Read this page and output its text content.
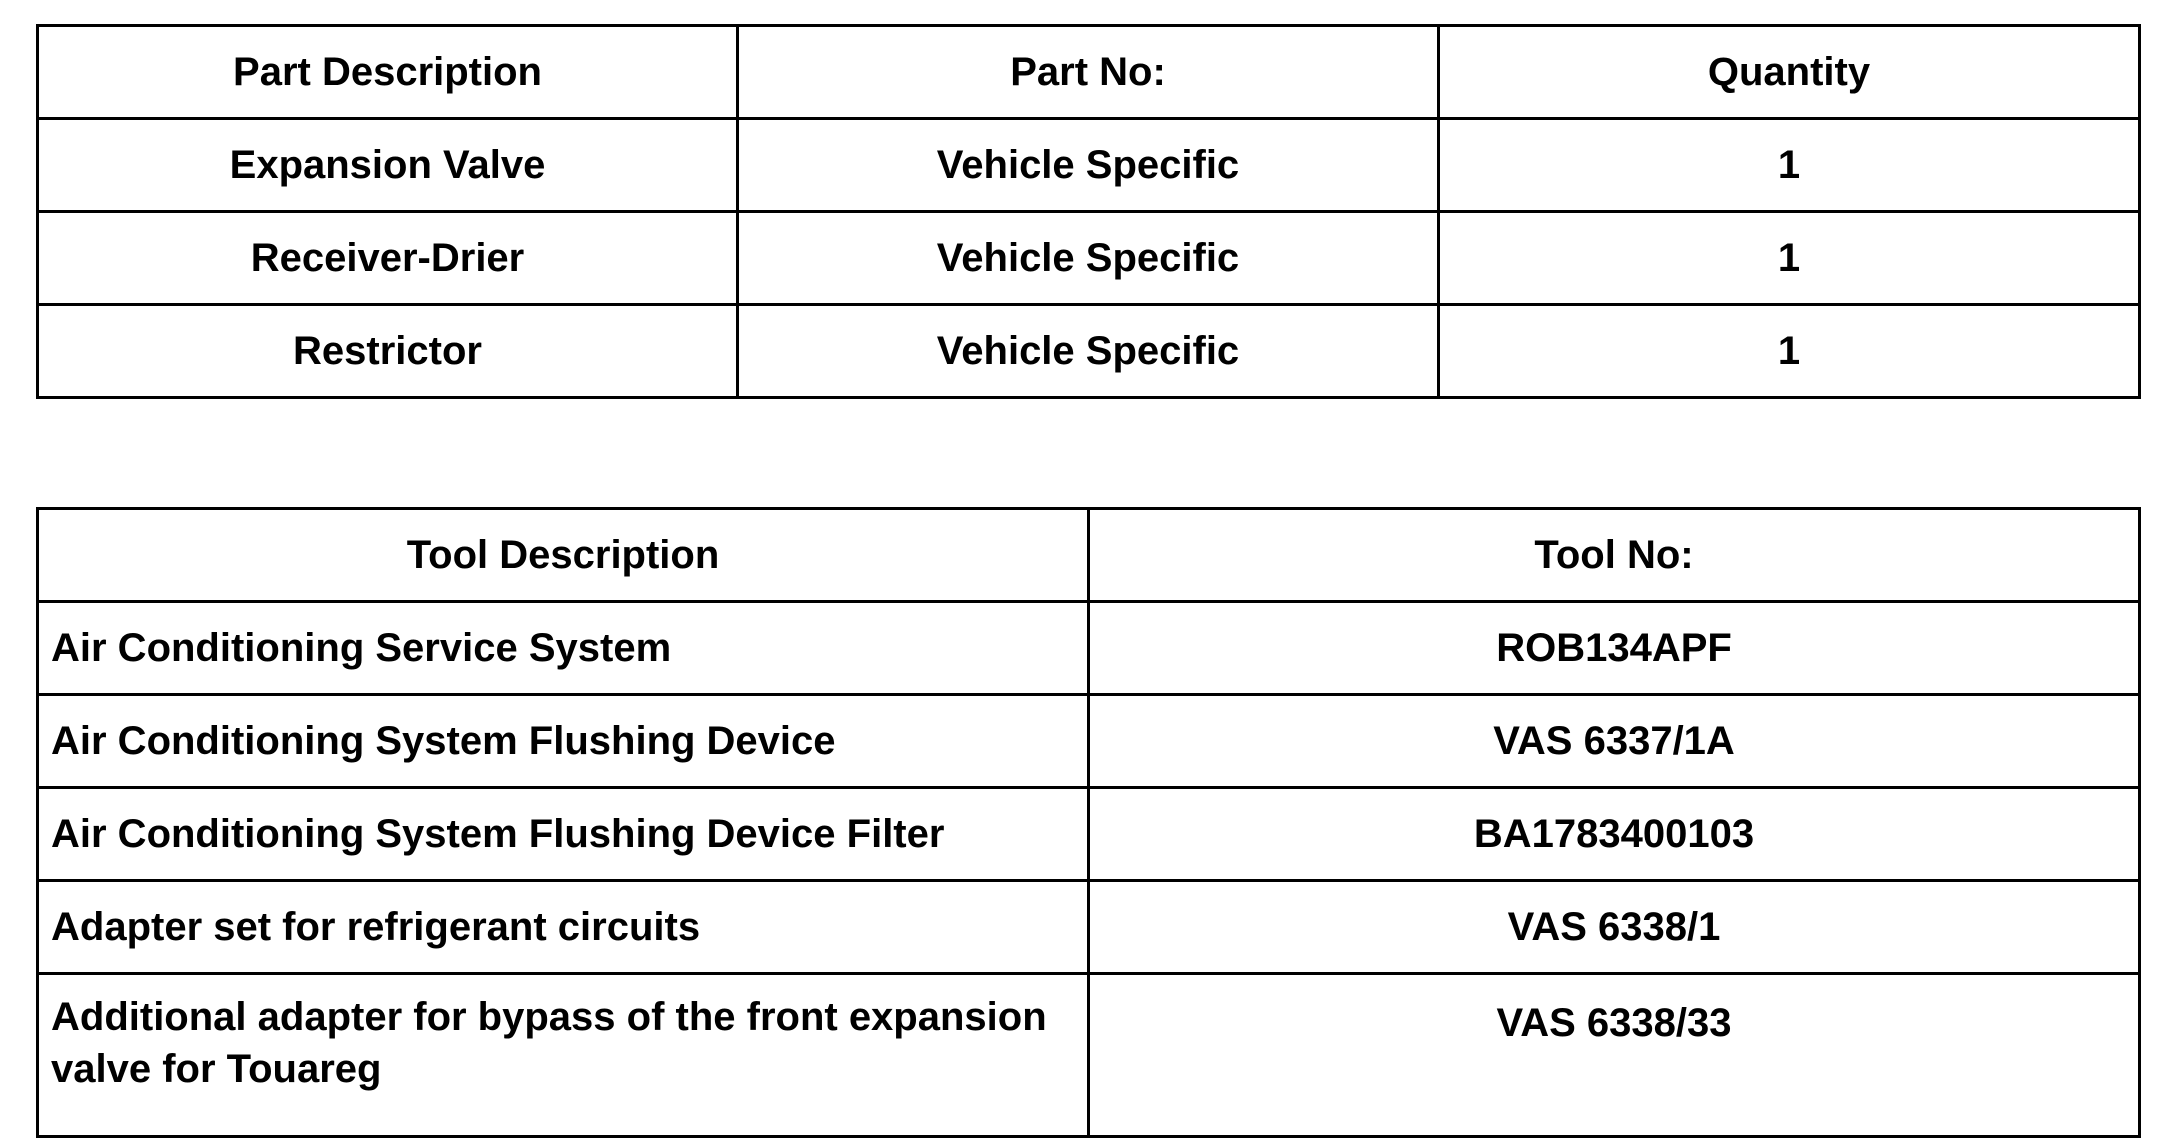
Part Description	Part No:	Quantity
Expansion Valve	Vehicle Specific	1
Receiver-Drier	Vehicle Specific	1
Restrictor	Vehicle Specific	1
Tool Description	Tool No:
Air Conditioning Service System	ROB134APF
Air Conditioning System Flushing Device	VAS 6337/1A
Air Conditioning System Flushing Device Filter	BA1783400103
Adapter set for refrigerant circuits	VAS 6338/1
Additional adapter for bypass of the front expansion valve for Touareg	VAS 6338/33
